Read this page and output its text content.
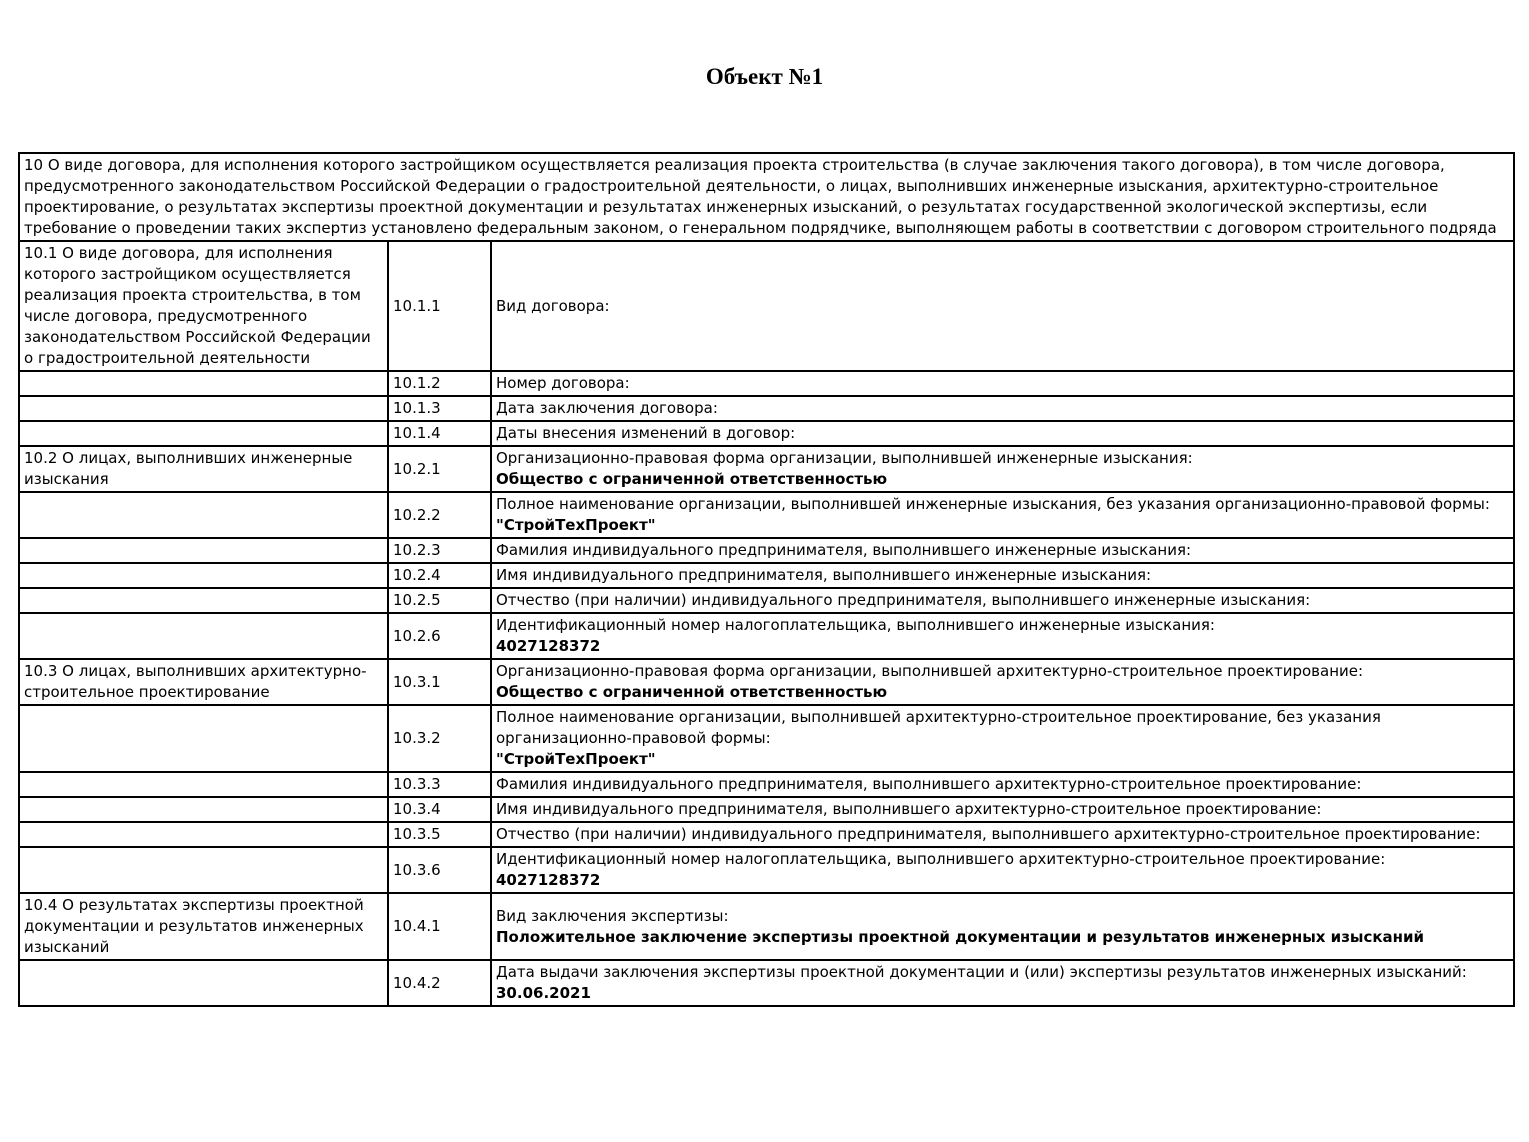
Объект №1
10 О виде договора, для исполнения которого застройщиком осуществляется реализация проекта строительства (в случае заключения такого договора), в том числе договора, предусмотренного законодательством Российской Федерации о градостроительной деятельности, о лицах, выполнивших инженерные изыскания, архитектурно-строительное проектирование, о результатах экспертизы проектной документации и результатах инженерных изысканий, о результатах государственной экологической экспертизы, если требование о проведении таких экспертиз установлено федеральным законом, о генеральном подрядчике, выполняющем работы в соответствии с договором строительного подряда		
10.1 О виде договора, для исполнения которого застройщиком осуществляется реализация проекта строительства, в том числе договора, предусмотренного законодательством Российской Федерации о градостроительной деятельности	10.1.1	Вид договора:

	10.1.2	Номер договора:

	10.1.3	Дата заключения договора:

	10.1.4	Даты внесения изменений в договор:

10.2 О лицах, выполнивших инженерные изыскания	10.2.1	Организационно-правовая форма организации, выполнившей инженерные изыскания:
Общество с ограниченной ответственностью

	10.2.2	Полное наименование организации, выполнившей инженерные изыскания, без указания организационно-правовой формы:
"СтройТехПроект"

	10.2.3	Фамилия индивидуального предпринимателя, выполнившего инженерные изыскания:

	10.2.4	Имя индивидуального предпринимателя, выполнившего инженерные изыскания:

	10.2.5	Отчество (при наличии) индивидуального предпринимателя, выполнившего инженерные изыскания:

	10.2.6	Идентификационный номер налогоплательщика, выполнившего инженерные изыскания:
4027128372

10.3 О лицах, выполнивших архитектурно-строительное проектирование	10.3.1	Организационно-правовая форма организации, выполнившей архитектурно-строительное проектирование:
Общество с ограниченной ответственностью

	10.3.2	Полное наименование организации, выполнившей архитектурно-строительное проектирование, без указания организационно-правовой формы:
"СтройТехПроект"

	10.3.3	Фамилия индивидуального предпринимателя, выполнившего архитектурно-строительное проектирование:

	10.3.4	Имя индивидуального предпринимателя, выполнившего архитектурно-строительное проектирование:

	10.3.5	Отчество (при наличии) индивидуального предпринимателя, выполнившего архитектурно-строительное проектирование:

	10.3.6	Идентификационный номер налогоплательщика, выполнившего архитектурно-строительное проектирование:
4027128372

10.4 О результатах экспертизы проектной документации и результатов инженерных изысканий	10.4.1	Вид заключения экспертизы:
Положительное заключение экспертизы проектной документации и результатов инженерных изысканий

	10.4.2	Дата выдачи заключения экспертизы проектной документации и (или) экспертизы результатов инженерных изысканий:
30.06.2021
